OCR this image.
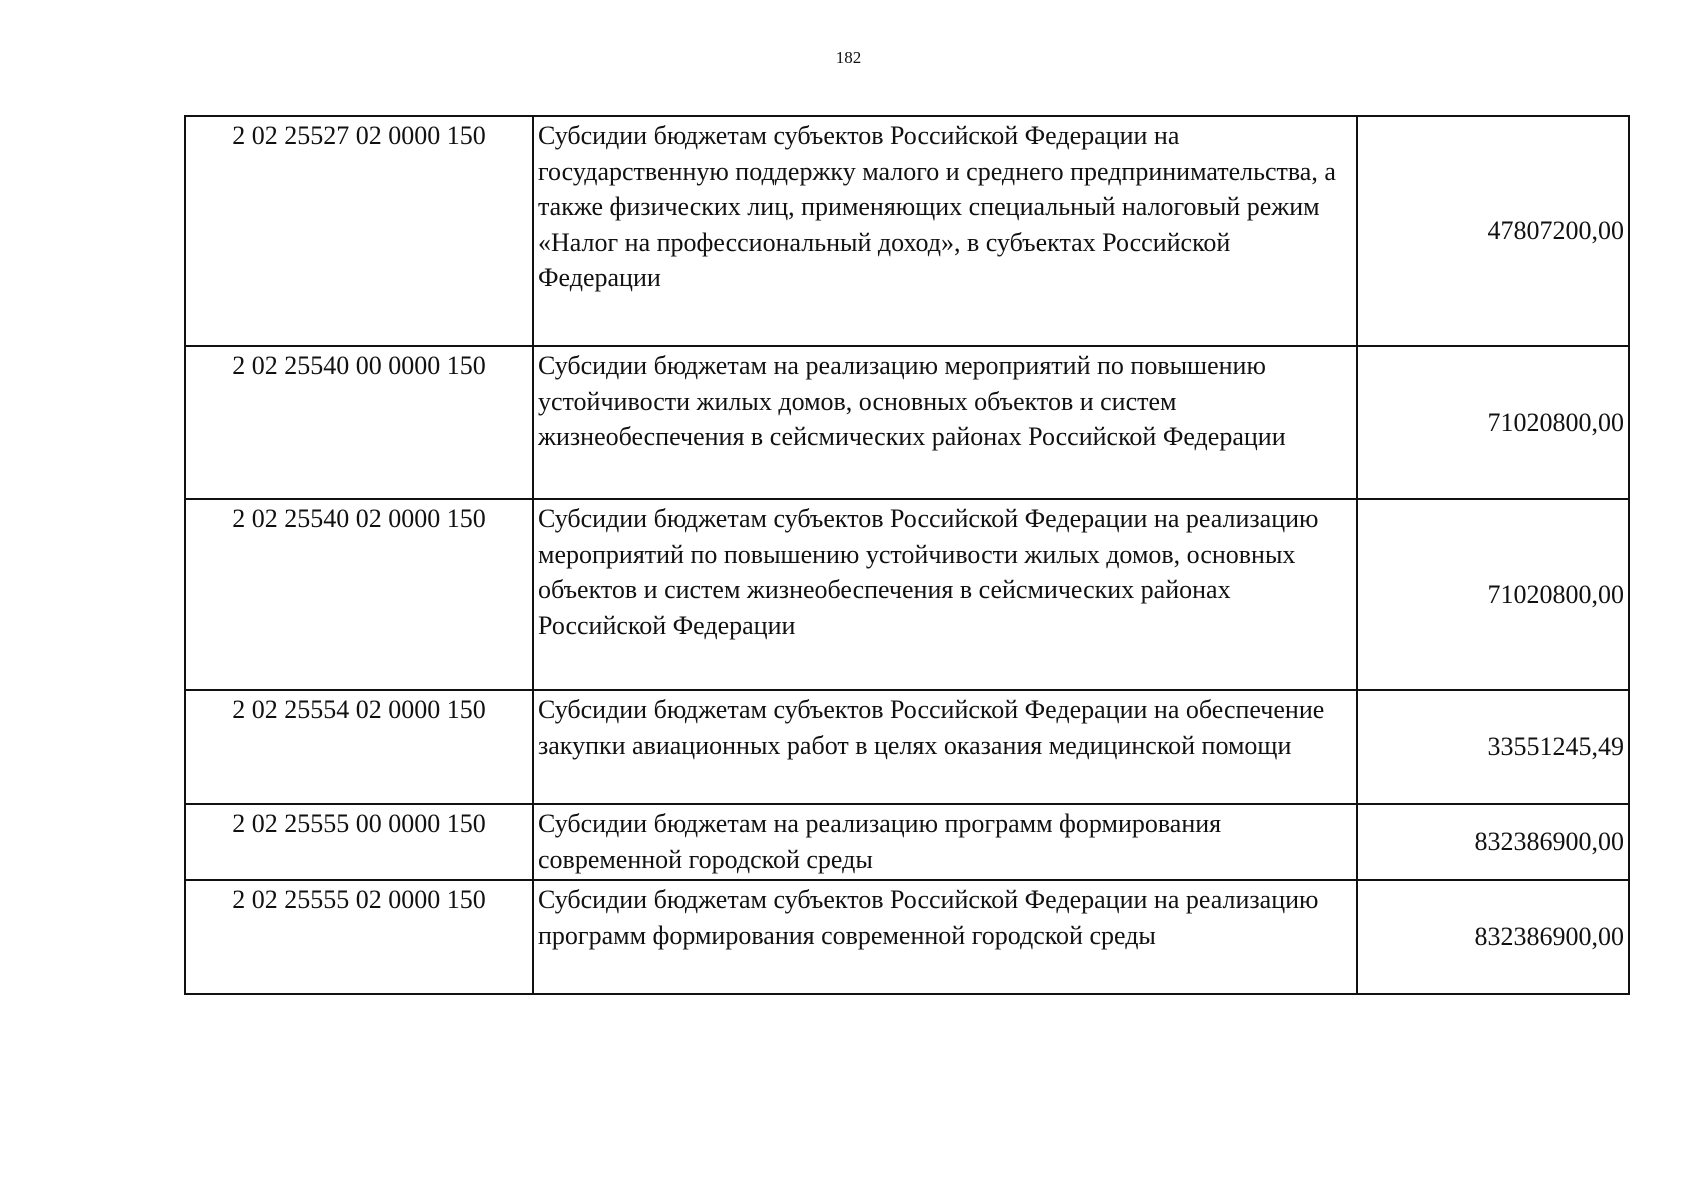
182
2 02 25527 02 0000 150	Субсидии бюджетам субъектов Российской Федерации на государственную поддержку малого и среднего предпринимательства, а также физических лиц, применяющих специальный налоговый режим «Налог на профессиональный доход», в субъектах Российской Федерации	47807200,00
2 02 25540 00 0000 150	Субсидии бюджетам на реализацию мероприятий по повышению устойчивости жилых домов, основных объектов и систем жизнеобеспечения в сейсмических районах Российской Федерации	71020800,00
2 02 25540 02 0000 150	Субсидии бюджетам субъектов Российской Федерации на реализацию мероприятий по повышению устойчивости жилых домов, основных объектов и систем жизнеобеспечения в сейсмических районах Российской Федерации	71020800,00
2 02 25554 02 0000 150	Субсидии бюджетам субъектов Российской Федерации на обеспечение закупки авиационных работ в целях оказания медицинской помощи	33551245,49
2 02 25555 00 0000 150	Субсидии бюджетам на реализацию программ формирования современной городской среды	832386900,00
2 02 25555 02 0000 150	Субсидии бюджетам субъектов Российской Федерации на реализацию программ формирования современной городской среды	832386900,00
